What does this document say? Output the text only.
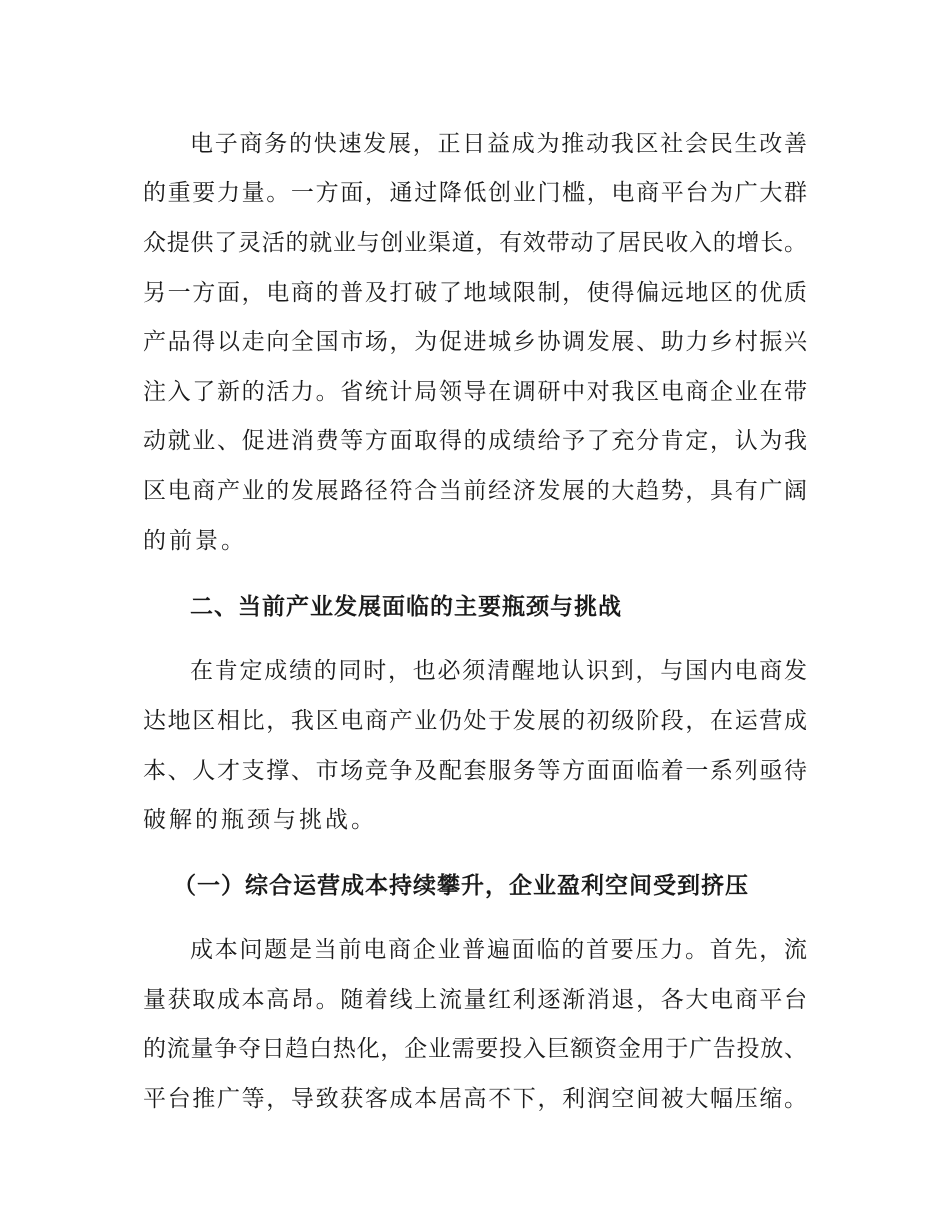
电子商务的快速发展，正日益成为推动我区社会民生改善
的重要力量。一方面，通过降低创业门槛，电商平台为广大群
众提供了灵活的就业与创业渠道，有效带动了居民收入的增长。
另一方面，电商的普及打破了地域限制，使得偏远地区的优质
产品得以走向全国市场，为促进城乡协调发展、助力乡村振兴
注入了新的活力。省统计局领导在调研中对我区电商企业在带
动就业、促进消费等方面取得的成绩给予了充分肯定，认为我
区电商产业的发展路径符合当前经济发展的大趋势，具有广阔
的前景。
二、当前产业发展面临的主要瓶颈与挑战
在肯定成绩的同时，也必须清醒地认识到，与国内电商发
达地区相比，我区电商产业仍处于发展的初级阶段，在运营成
本、人才支撑、市场竞争及配套服务等方面面临着一系列亟待
破解的瓶颈与挑战。
（一）综合运营成本持续攀升，企业盈利空间受到挤压
成本问题是当前电商企业普遍面临的首要压力。首先，流
量获取成本高昂。随着线上流量红利逐渐消退，各大电商平台
的流量争夺日趋白热化，企业需要投入巨额资金用于广告投放、
平台推广等，导致获客成本居高不下，利润空间被大幅压缩。
